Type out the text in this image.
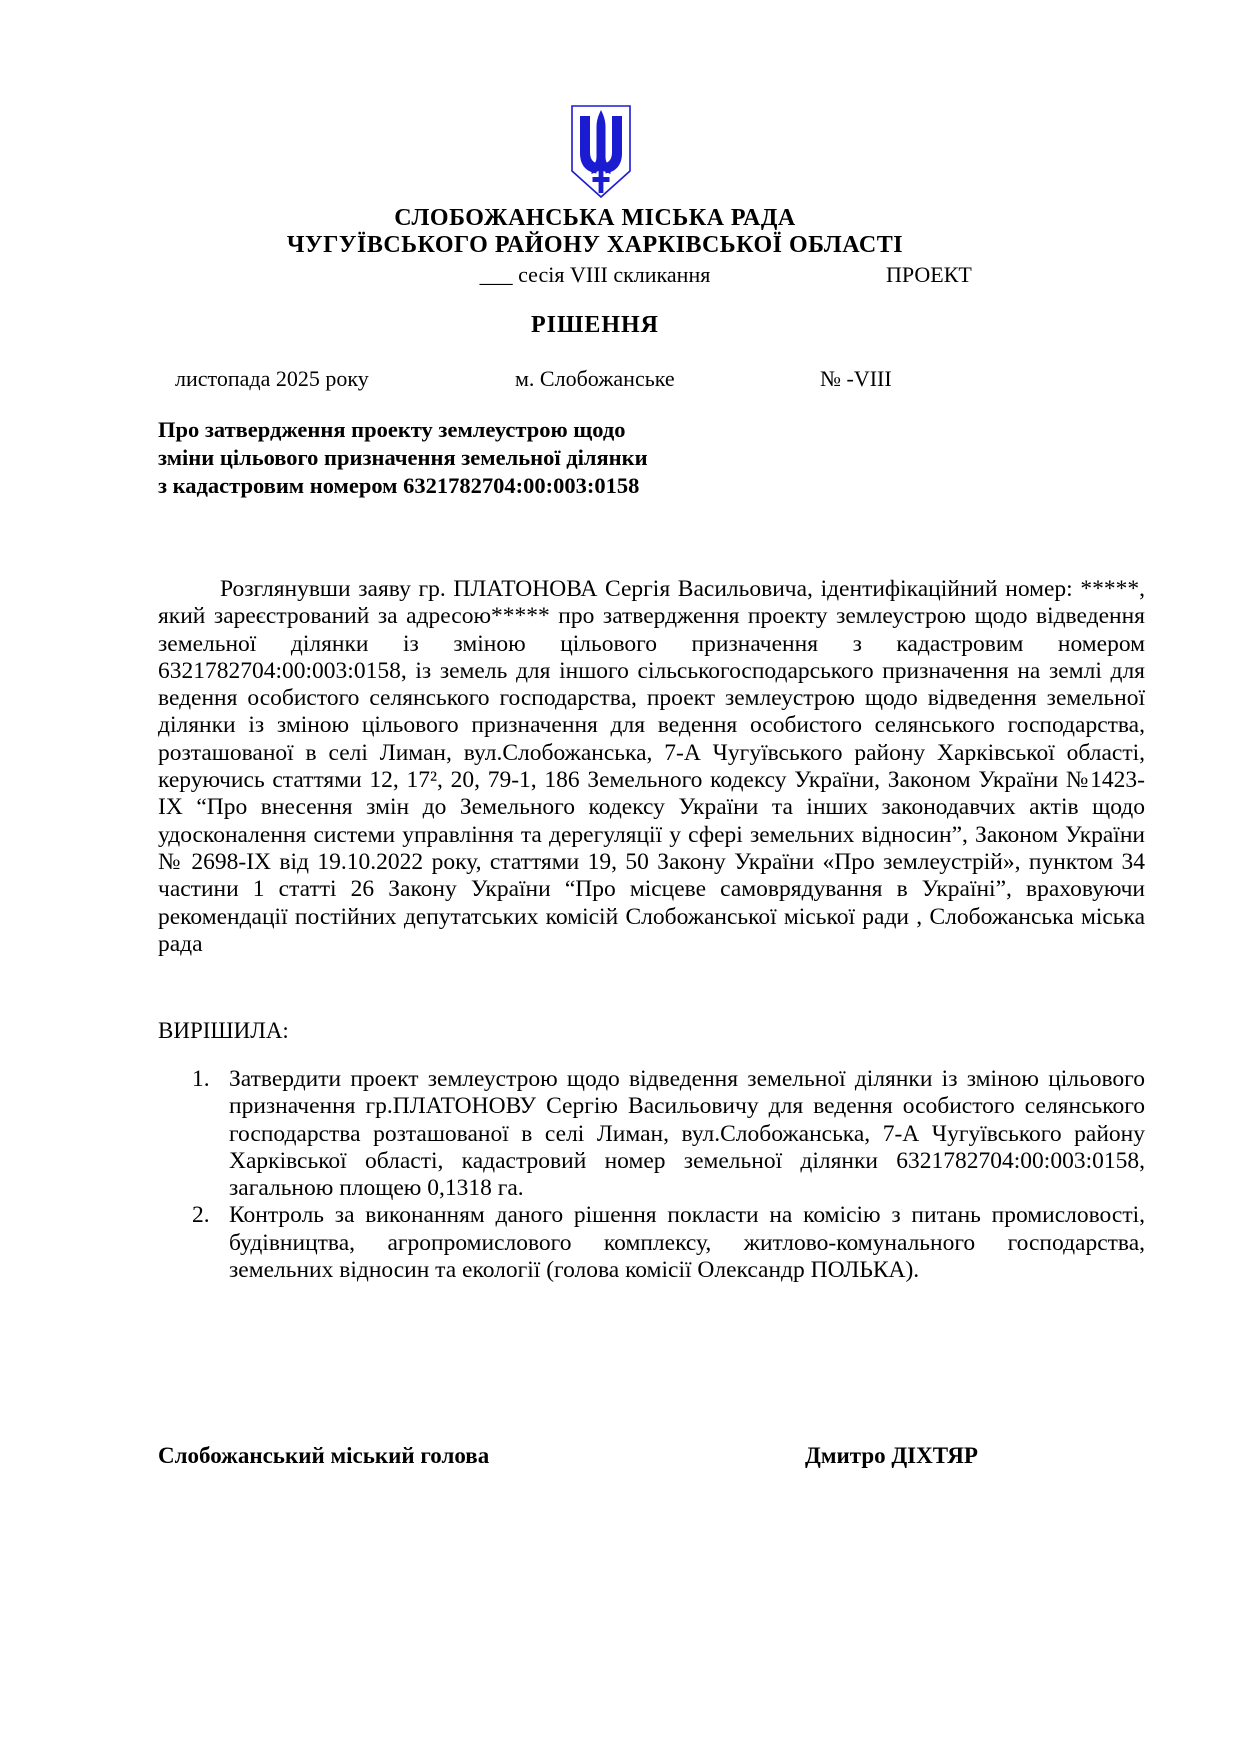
СЛОБОЖАНСЬКА МІСЬКА РАДА
ЧУГУЇВСЬКОГО РАЙОНУ ХАРКІВСЬКОЇ ОБЛАСТІ
___ сесія VIII скликання	ПРОЕКТ
РІШЕННЯ
листопада 2025 року	м. Слобожанське	№ -VIII
Про затвердження проекту землеустрою щодо
зміни цільового призначення земельної ділянки
з кадастровим номером 6321782704:00:003:0158
Розглянувши заяву гр. ПЛАТОНОВА Сергія Васильовича, ідентифікаційний номер: *****, який зареєстрований за адресою***** про затвердження проекту землеустрою щодо відведення земельної ділянки із зміною цільового призначення з кадастровим номером 6321782704:00:003:0158, із земель для іншого сільськогосподарського призначення на землі для ведення особистого селянського господарства, проект землеустрою щодо відведення земельної ділянки із зміною цільового призначення для ведення особистого селянського господарства, розташованої в селі Лиман, вул.Слобожанська, 7-А Чугуївського району Харківської області, керуючись статтями 12, 17², 20, 79-1, 186 Земельного кодексу України, Законом України №1423-ІХ “Про внесення змін до Земельного кодексу України та інших законодавчих актів щодо удосконалення системи управління та дерегуляції у сфері земельних відносин”, Законом України № 2698-ІХ від 19.10.2022 року, статтями 19, 50 Закону України «Про землеустрій», пунктом 34 частини 1 статті 26 Закону України “Про місцеве самоврядування в Україні”, враховуючи рекомендації постійних депутатських комісій Слобожанської міської ради , Слобожанська міська рада
ВИРІШИЛА:
1. Затвердити проект землеустрою щодо відведення земельної ділянки із зміною цільового призначення гр.ПЛАТОНОВУ Сергію Васильовичу для ведення особистого селянського господарства розташованої в селі Лиман, вул.Слобожанська, 7-А Чугуївського району Харківської області, кадастровий номер земельної ділянки 6321782704:00:003:0158, загальною площею 0,1318 га.
2. Контроль за виконанням даного рішення покласти на комісію з питань промисловості, будівництва, агропромислового комплексу, житлово-комунального господарства, земельних відносин та екології (голова комісії Олександр ПОЛЬКА).
Слобожанський міський голова	Дмитро ДІХТЯР
